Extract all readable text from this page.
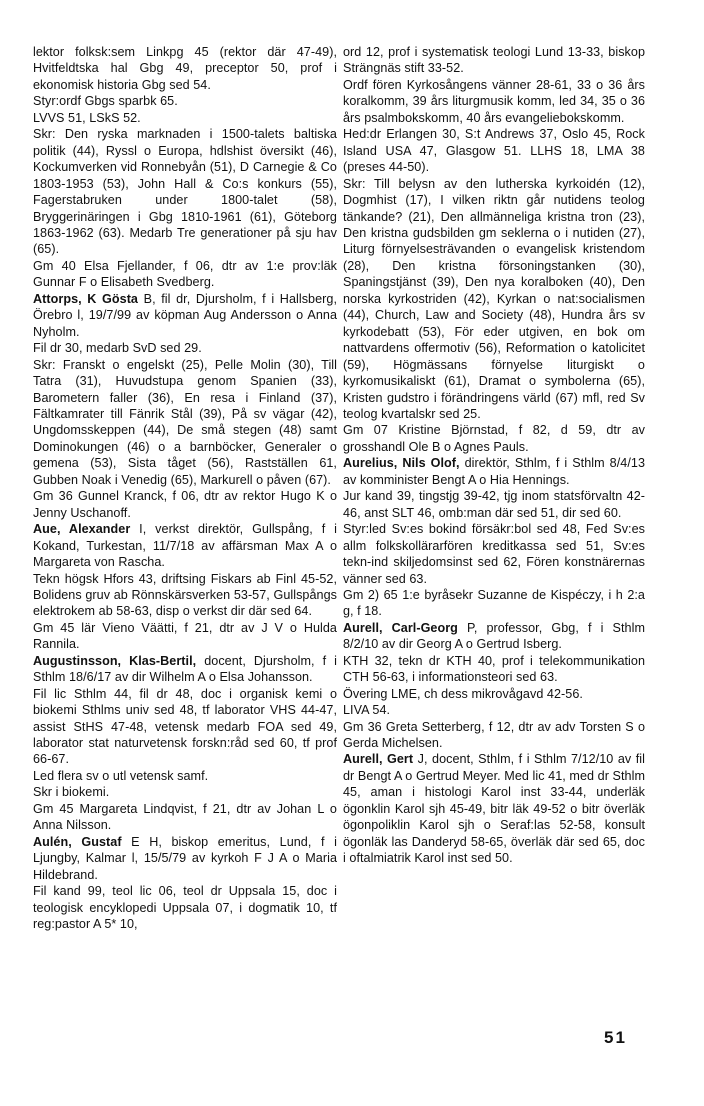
lektor folksk:sem Linkpg 45 (rektor där 47-49), Hvitfeldtska hal Gbg 49, preceptor 50, prof i ekonomisk historia Gbg sed 54.

Styr:ordf Gbgs sparbk 65.

LVVS 51, LSkS 52.

Skr: Den ryska marknaden i 1500-talets baltiska politik (44), Ryssl o Europa, hdlshist översikt (46), Kockumverken vid Ronnebyån (51), D Carnegie & Co 1803-1953 (53), John Hall & Co:s konkurs (55), Fagerstabruken under 1800-talet (58), Bryggerinäringen i Gbg 1810-1961 (61), Göteborg 1863-1962 (63). Medarb Tre generationer på sju hav (65).

Gm 40 Elsa Fjellander, f 06, dtr av 1:e prov:läk Gunnar F o Elisabeth Svedberg.

Attorps, K Gösta B, fil dr, Djursholm, f i Hallsberg, Örebro l, 19/7/99 av köpman Aug Andersson o Anna Nyholm.

Fil dr 30, medarb SvD sed 29.

Skr: Franskt o engelskt (25), Pelle Molin (30), Till Tatra (31), Huvudstupa genom Spanien (33), Barometern faller (36), En resa i Finland (37), Fältkamrater till Fänrik Stål (39), På sv vägar (42), Ungdomsskeppen (44), De små stegen (48) samt Dominokungen (46) o a barnböcker, Generaler o gemena (53), Sista tåget (56), Rastställen 61, Gubben Noak i Venedig (65), Markurell o påven (67).

Gm 36 Gunnel Kranck, f 06, dtr av rektor Hugo K o Jenny Uschanoff.

Aue, Alexander I, verkst direktör, Gullspång, f i Kokand, Turkestan, 11/7/18 av affärsman Max A o Margareta von Rascha.

Tekn högsk Hfors 43, driftsing Fiskars ab Finl 45-52, Bolidens gruv ab Rönnskärsverken 53-57, Gullspångs elektrokem ab 58-63, disp o verkst dir där sed 64.

Gm 45 lär Vieno Väätti, f 21, dtr av J V o Hulda Rannila.

Augustinsson, Klas-Bertil, docent, Djursholm, f i Sthlm 18/6/17 av dir Wilhelm A o Elsa Johansson.

Fil lic Sthlm 44, fil dr 48, doc i organisk kemi o biokemi Sthlms univ sed 48, tf laborator VHS 44-47, assist StHS 47-48, vetensk medarb FOA sed 49, laborator stat naturvetensk forskn:råd sed 60, tf prof 66-67.

Led flera sv o utl vetensk samf.

Skr i biokemi.

Gm 45 Margareta Lindqvist, f 21, dtr av Johan L o Anna Nilsson.

Aulén, Gustaf E H, biskop emeritus, Lund, f i Ljungby, Kalmar l, 15/5/79 av kyrkoh F J A o Maria Hildebrand.

Fil kand 99, teol lic 06, teol dr Uppsala 15, doc i teologisk encyklopedi Uppsala 07, i dogmatik 10, tf reg:pastor A 5* 10,

ord 12, prof i systematisk teologi Lund 13-33, biskop Strängnäs stift 33-52.

Ordf fören Kyrkosångens vänner 28-61, 33 o 36 års koralkomm, 39 års liturgmusik komm, led 34, 35 o 36 års psalmbokskomm, 40 års evangeliebokskomm.

Hed:dr Erlangen 30, S:t Andrews 37, Oslo 45, Rock Island USA 47, Glasgow 51. LLHS 18, LMA 38 (preses 44-50).

Skr: Till belysn av den lutherska kyrkoidén (12), Dogmhist (17), I vilken riktn går nutidens teolog tänkande? (21), Den allmänneliga kristna tron (23), Den kristna gudsbilden gm seklerna o i nutiden (27), Liturg förnyelsesträvanden o evangelisk kristendom (28), Den kristna försoningstanken (30), Spaningstjänst (39), Den nya koralboken (40), Den norska kyrkostriden (42), Kyrkan o nat:socialismen (44), Church, Law and Society (48), Hundra års sv kyrkodebatt (53), För eder utgiven, en bok om nattvardens offermotiv (56), Reformation o katolicitet (59), Högmässans förnyelse liturgiskt o kyrkomusikaliskt (61), Dramat o symbolerna (65), Kristen gudstro i förändringens värld (67) mfl, red Sv teolog kvartalskr sed 25.

Gm 07 Kristine Björnstad, f 82, d 59, dtr av grosshandl Ole B o Agnes Pauls.

Aurelius, Nils Olof, direktör, Sthlm, f i Sthlm 8/4/13 av komminister Bengt A o Hia Hennings.

Jur kand 39, tingstjg 39-42, tjg inom statsförvaltn 42-46, anst SLT 46, omb:man där sed 51, dir sed 60.

Styr:led Sv:es bokind försäkr:bol sed 48, Fed Sv:es allm folkskollärarfören kreditkassa sed 51, Sv:es tekn-ind skiljedomsinst sed 62, Fören konstnärernas vänner sed 63.

Gm 2) 65 1:e byråsekr Suzanne de Kispéczy, i h 2:a g, f 18.

Aurell, Carl-Georg P, professor, Gbg, f i Sthlm 8/2/10 av dir Georg A o Gertrud Isberg.

KTH 32, tekn dr KTH 40, prof i telekommunikation CTH 56-63, i informationsteori sed 63.

Övering LME, ch dess mikrovågavd 42-56.

LIVA 54.

Gm 36 Greta Setterberg, f 12, dtr av adv Torsten S o Gerda Michelsen.

Aurell, Gert J, docent, Sthlm, f i Sthlm 7/12/10 av fil dr Bengt A o Gertrud Meyer. Med lic 41, med dr Sthlm 45, aman i histologi Karol inst 33-44, underläk ögonklin Karol sjh 45-49, bitr läk 49-52 o bitr överläk ögonpoliklin Karol sjh o Seraf:las 52-58, konsult ögonläk las Danderyd 58-65, överläk där sed 65, doc i oftalmiatrik Karol inst sed 50.

51
